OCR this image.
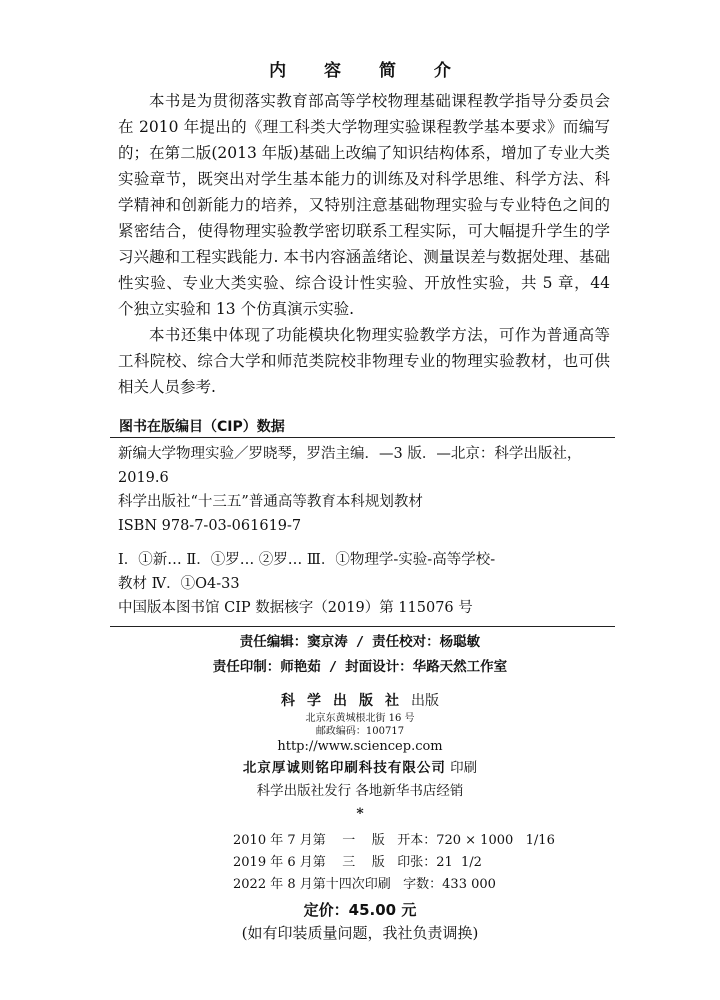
内 容 简 介

本书是为贯彻落实教育部高等学校物理基础课程教学指导分委员会在 2010 年提出的《理工科类大学物理实验课程教学基本要求》而编写的；在第二版(2013 年版)基础上改编了知识结构体系，增加了专业大类实验章节，既突出对学生基本能力的训练及对科学思维、科学方法、科学精神和创新能力的培养，又特别注意基础物理实验与专业特色之间的紧密结合，使得物理实验教学密切联系工程实际，可大幅提升学生的学习兴趣和工程实践能力. 本书内容涵盖绪论、测量误差与数据处理、基础性实验、专业大类实验、综合设计性实验、开放性实验，共 5 章，44 个独立实验和 13 个仿真演示实验.

本书还集中体现了功能模块化物理实验教学方法，可作为普通高等工科院校、综合大学和师范类院校非物理专业的物理实验教材，也可供相关人员参考.

图书在版编目（CIP）数据
新编大学物理实验／罗晓琴，罗浩主编．—3 版．—北京：科学出版社，
2019.6
科学出版社“十三五”普通高等教育本科规划教材
ISBN 978-7-03-061619-7
Ⅰ．①新… Ⅱ．①罗… ②罗… Ⅲ．①物理学-实验-高等学校-
教材 Ⅳ．①O4-33
中国版本图书馆 CIP 数据核字（2019）第 115076 号
责任编辑：窦京涛 / 责任校对：杨聪敏
责任印制：师艳茹 / 封面设计：华路天然工作室
科学出版社出版
北京东黄城根北街 16 号
邮政编码：100717
http://www.sciencep.com
北京厚诚则铭印刷科技有限公司 印刷
科学出版社发行 各地新华书店经销
*
2010 年 7 月第    一    版   开本：720 × 1000   1/16
2019 年 6 月第    三    版   印张：21  1/2
2022 年 8 月第十四次印刷   字数：433 000
定价：45.00 元
(如有印装质量问题，我社负责调换)
